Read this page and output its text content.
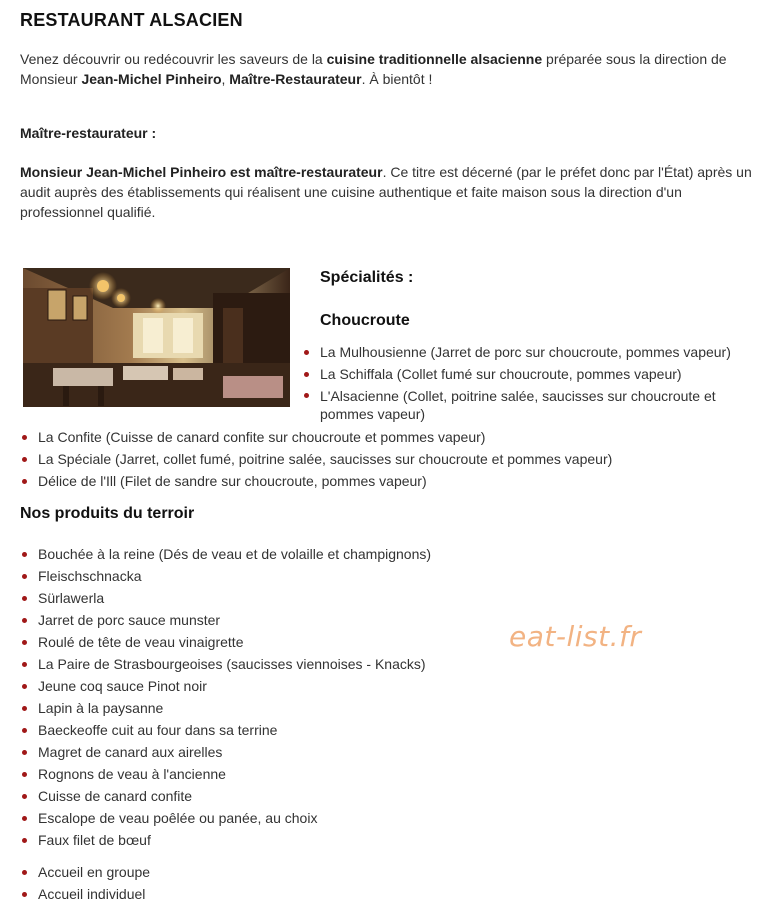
RESTAURANT ALSACIEN

Venez découvrir ou redécouvrir les saveurs de la cuisine traditionnelle alsacienne préparée sous la direction de Monsieur Jean-Michel Pinheiro, Maître-Restaurateur. À bientôt !

Maître-restaurateur :

Monsieur Jean-Michel Pinheiro est maître-restaurateur. Ce titre est décerné (par le préfet donc par l'État) après un audit auprès des établissements qui réalisent une cuisine authentique et faite maison sous la direction d'un professionnel qualifié.

Spécialités :
Choucroute
La Mulhousienne (Jarret de porc sur choucroute, pommes vapeur)
La Schiffala (Collet fumé sur choucroute, pommes vapeur)
L'Alsacienne (Collet, poitrine salée, saucisses sur choucroute et pommes vapeur)
La Confite (Cuisse de canard confite sur choucroute et pommes vapeur)
La Spéciale (Jarret, collet fumé, poitrine salée, saucisses sur choucroute et pommes vapeur)
Délice de l'Ill (Filet de sandre sur choucroute, pommes vapeur)
Nos produits du terroir
Bouchée à la reine (Dés de veau et de volaille et champignons)
Fleischschnacka
Sürlawerla
Jarret de porc sauce munster
Roulé de tête de veau vinaigrette
La Paire de Strasbourgeoises (saucisses viennoises - Knacks)
Jeune coq sauce Pinot noir
Lapin à la paysanne
Baeckeoffe cuit au four dans sa terrine
Magret de canard aux airelles
Rognons de veau à l'ancienne
Cuisse de canard confite
Escalope de veau poêlée ou panée, au choix
Faux filet de bœuf
Accueil en groupe
Accueil individuel

eat-list.fr
